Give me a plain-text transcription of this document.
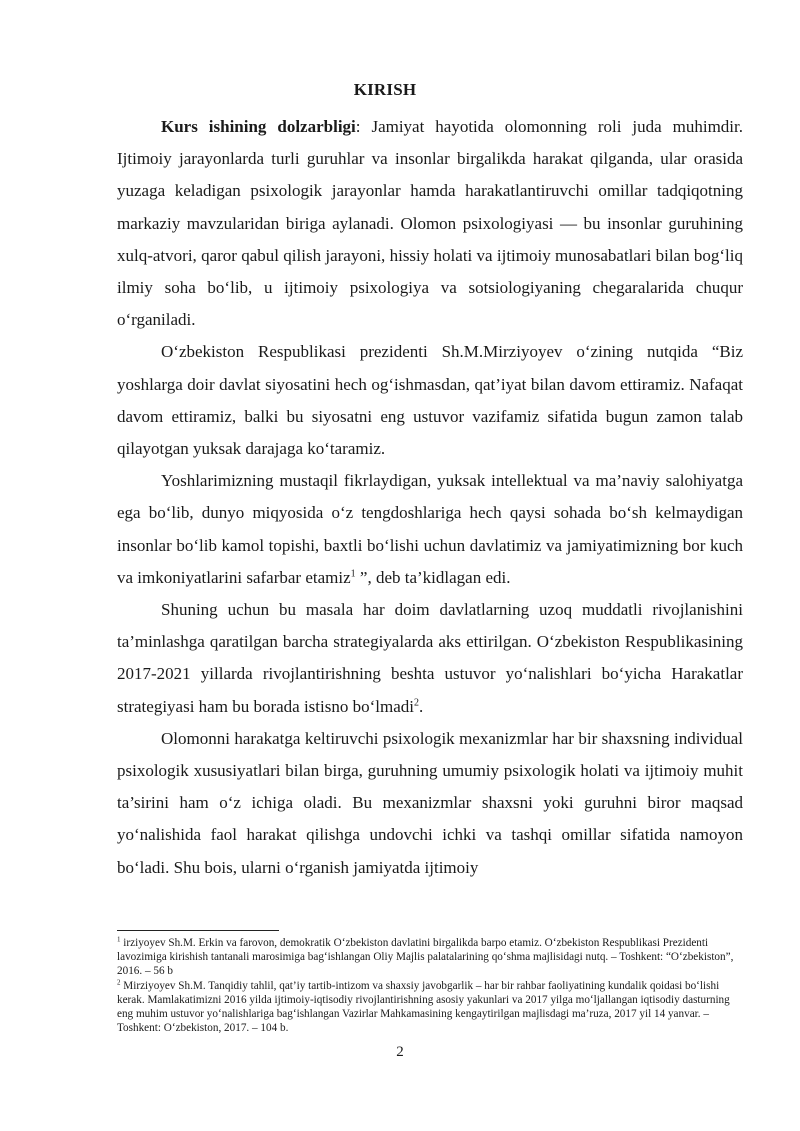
KIRISH

Kurs ishining dolzarbligi: Jamiyat hayotida olomonning roli juda muhimdir. Ijtimoiy jarayonlarda turli guruhlar va insonlar birgalikda harakat qilganda, ular orasida yuzaga keladigan psixologik jarayonlar hamda harakatlantiruvchi omillar tadqiqotning markaziy mavzularidan biriga aylanadi. Olomon psixologiyasi — bu insonlar guruhining xulq-atvori, qaror qabul qilish jarayoni, hissiy holati va ijtimoiy munosabatlari bilan bog‘liq ilmiy soha bo‘lib, u ijtimoiy psixologiya va sotsiologiyaning chegaralarida chuqur o‘rganiladi.

O‘zbekiston Respublikasi prezidenti Sh.M.Mirziyoyev o‘zining nutqida “Biz yoshlarga doir davlat siyosatini hech og‘ishmasdan, qat’iyat bilan davom ettiramiz. Nafaqat davom ettiramiz, balki bu siyosatni eng ustuvor vazifamiz sifatida bugun zamon talab qilayotgan yuksak darajaga ko‘taramiz.

Yoshlarimizning mustaqil fikrlaydigan, yuksak intellektual va ma’naviy salohiyatga ega bo‘lib, dunyo miqyosida o‘z tengdoshlariga hech qaysi sohada bo‘sh kelmaydigan insonlar bo‘lib kamol topishi, baxtli bo‘lishi uchun davlatimiz va jamiyatimizning bor kuch va imkoniyatlarini safarbar etamiz$^1$ ”, deb ta’kidlagan edi.

Shuning uchun bu masala har doim davlatlarning uzoq muddatli rivojlanishini ta’minlashga qaratilgan barcha strategiyalarda aks ettirilgan. O‘zbekiston Respublikasining 2017-2021 yillarda rivojlantirishning beshta ustuvor yo‘nalishlari bo‘yicha Harakatlar strategiyasi ham bu borada istisno bo‘lmadi$^2$.

Olomonni harakatga keltiruvchi psixologik mexanizmlar har bir shaxsning individual psixologik xususiyatlari bilan birga, guruhning umumiy psixologik holati va ijtimoiy muhit ta’sirini ham o‘z ichiga oladi. Bu mexanizmlar shaxsni yoki guruhni biror maqsad yo‘nalishida faol harakat qilishga undovchi ichki va tashqi omillar sifatida namoyon bo‘ladi. Shu bois, ularni o‘rganish jamiyatda ijtimoiy

$^1$ irziyoyev Sh.M. Erkin va farovon, demokratik O‘zbekiston davlatini birgalikda barpo etamiz. O‘zbekiston Respublikasi Prezidenti lavozimiga kirishish tantanali marosimiga bag‘ishlangan Oliy Majlis palatalarining qo‘shma majlisidagi nutq. – Toshkent: “O‘zbekiston”, 2016. – 56 b

$^2$ Mirziyoyev Sh.M. Tanqidiy tahlil, qat’iy tartib-intizom va shaxsiy javobgarlik – har bir rahbar faoliyatining kundalik qoidasi bo‘lishi kerak. Mamlakatimizni 2016 yilda ijtimoiy-iqtisodiy rivojlantirishning asosiy yakunlari va 2017 yilga mo‘ljallangan iqtisodiy dasturning eng muhim ustuvor yo‘nalishlariga bag‘ishlangan Vazirlar Mahkamasining kengaytirilgan majlisdagi ma’ruza, 2017 yil 14 yanvar. – Toshkent: O‘zbekiston, 2017. – 104 b.

2
